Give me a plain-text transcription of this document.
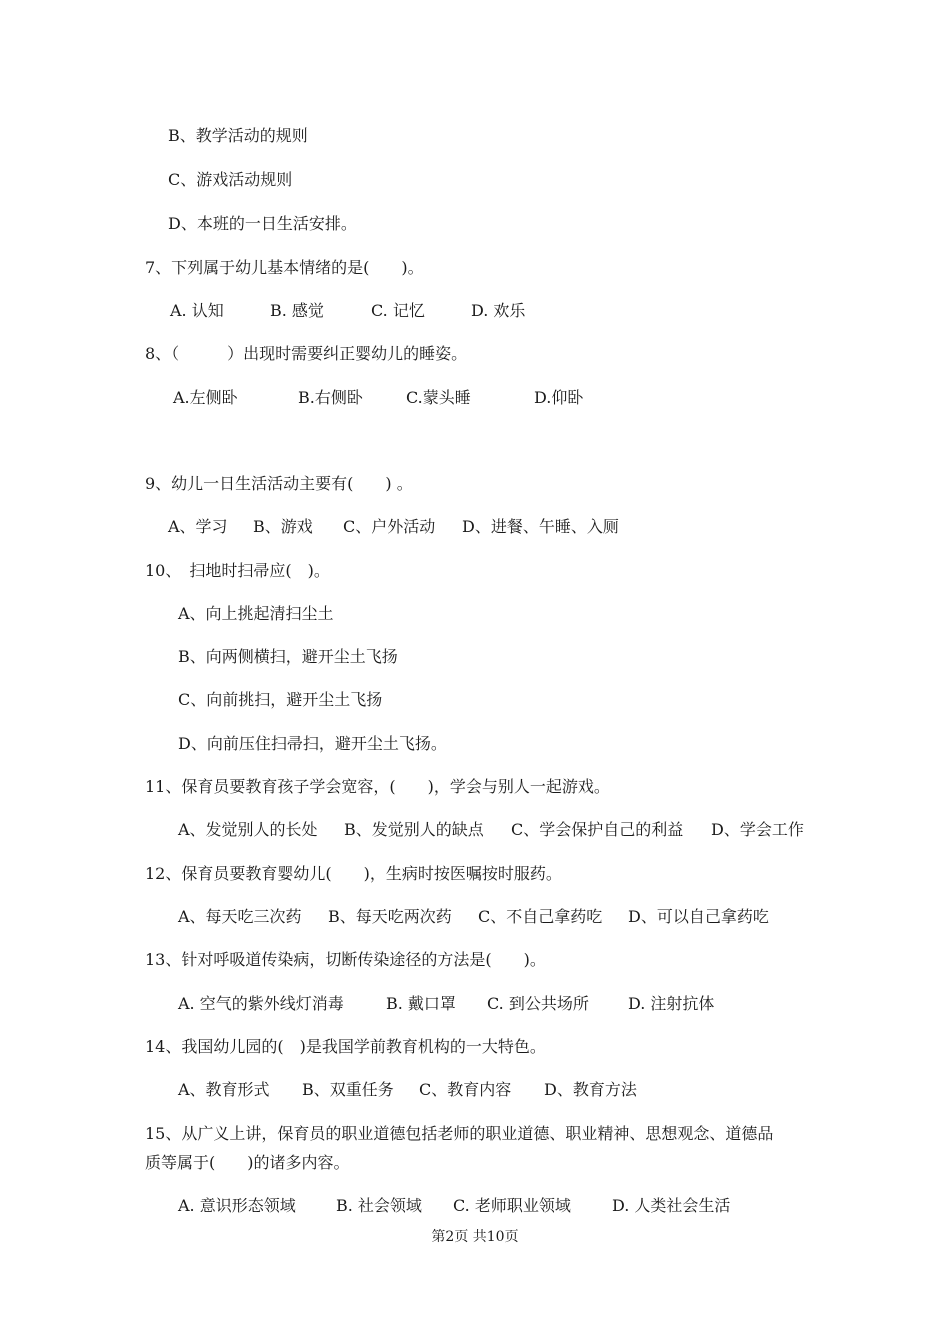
B、教学活动的规则
C、游戏活动规则
D、本班的一日生活安排。
7、下列属于幼儿基本情绪的是(　　)。
A. 认知	B. 感觉	C. 记忆	D. 欢乐
8、（　　　）出现时需要纠正婴幼儿的睡姿。
A.左侧卧	B.右侧卧	C.蒙头睡	D.仰卧
9、幼儿一日生活活动主要有(　　) 。
A、学习 B、游戏 C、户外活动 D、进餐、午睡、入厕
10、　扫地时扫帚应(　)。
A、向上挑起清扫尘土
B、向两侧横扫，避开尘土飞扬
C、向前挑扫，避开尘土飞扬
D、向前压住扫帚扫，避开尘土飞扬。
11、保育员要教育孩子学会宽容，(　　)，学会与别人一起游戏。
A、发觉别人的长处 B、发觉别人的缺点 C、学会保护自己的利益 D、学会工作
12、保育员要教育婴幼儿(　　)，生病时按医嘱按时服药。
A、每天吃三次药 B、每天吃两次药 C、不自己拿药吃 D、可以自己拿药吃
13、针对呼吸道传染病，切断传染途径的方法是(　　)。
A. 空气的紫外线灯消毒	B. 戴口罩 C. 到公共场所 D. 注射抗体
14、我国幼儿园的(　)是我国学前教育机构的一大特色。
A、教育形式 B、双重任务 C、教育内容 D、教育方法
15、从广义上讲，保育员的职业道德包括老师的职业道德、职业精神、思想观念、道德品
质等属于(　　)的诸多内容。
A. 意识形态领域	B. 社会领域 C. 老师职业领域	D. 人类社会生活
第2页 共10页
